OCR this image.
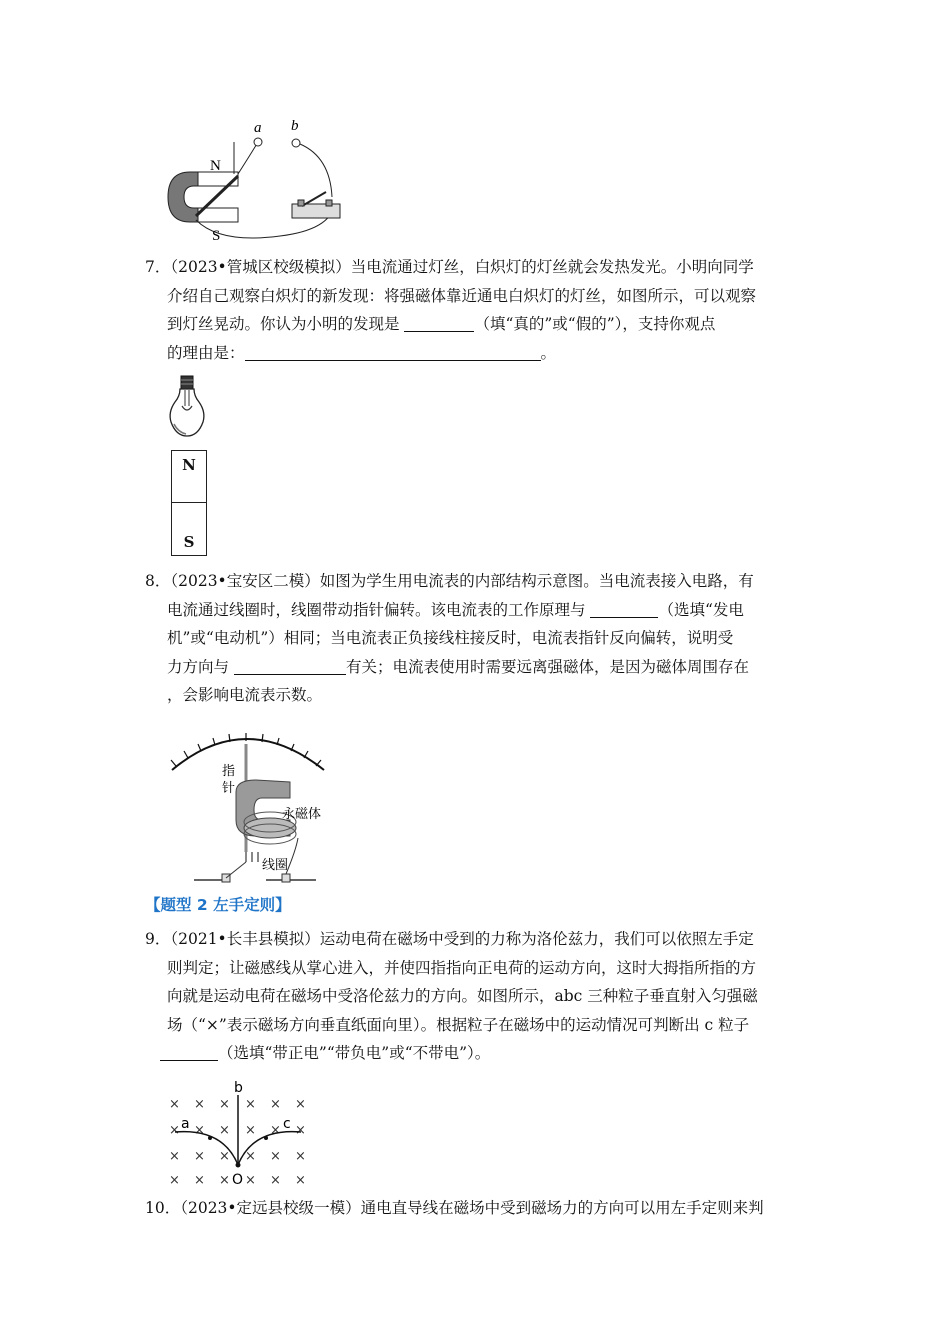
a b
N
S
7．（2023•管城区校级模拟）当电流通过灯丝，白炽灯的灯丝就会发热发光。小明向同学
介绍自己观察白炽灯的新发现：将强磁体靠近通电白炽灯的灯丝，如图所示，可以观察
到灯丝晃动。你认为小明的发现是	（填“真的”或“假的”），支持你观点
的理由是：	。
N
S
8．（2023•宝安区二模）如图为学生用电流表的内部结构示意图。当电流表接入电路，有
电流通过线圈时，线圈带动指针偏转。该电流表的工作原理与	（选填“发电
机”或“电动机”）相同；当电流表正负接线柱接反时，电流表指针反向偏转，说明受
力方向与	有关；电流表使用时需要远离强磁体，是因为磁体周围存在
，会影响电流表示数。
指
针
永磁体
线圈
【题型 2 左手定则】
9．（2021•长丰县模拟）运动电荷在磁场中受到的力称为洛伦兹力，我们可以依照左手定
则判定；让磁感线从掌心进入，并使四指指向正电荷的运动方向，这时大拇指所指的方
向就是运动电荷在磁场中受洛伦兹力的方向。如图所示，abc 三种粒子垂直射入匀强磁
场（“×”表示磁场方向垂直纸面向里）。根据粒子在磁场中的运动情况可判断出 c 粒子
（选填“带正电”“带负电”或“不带电”）。
× × × × × ×
× × × × × ×
× × × × × ×
× × × × × ×
a
b
c
O
10．（2023•定远县校级一模）通电直导线在磁场中受到磁场力的方向可以用左手定则来判
